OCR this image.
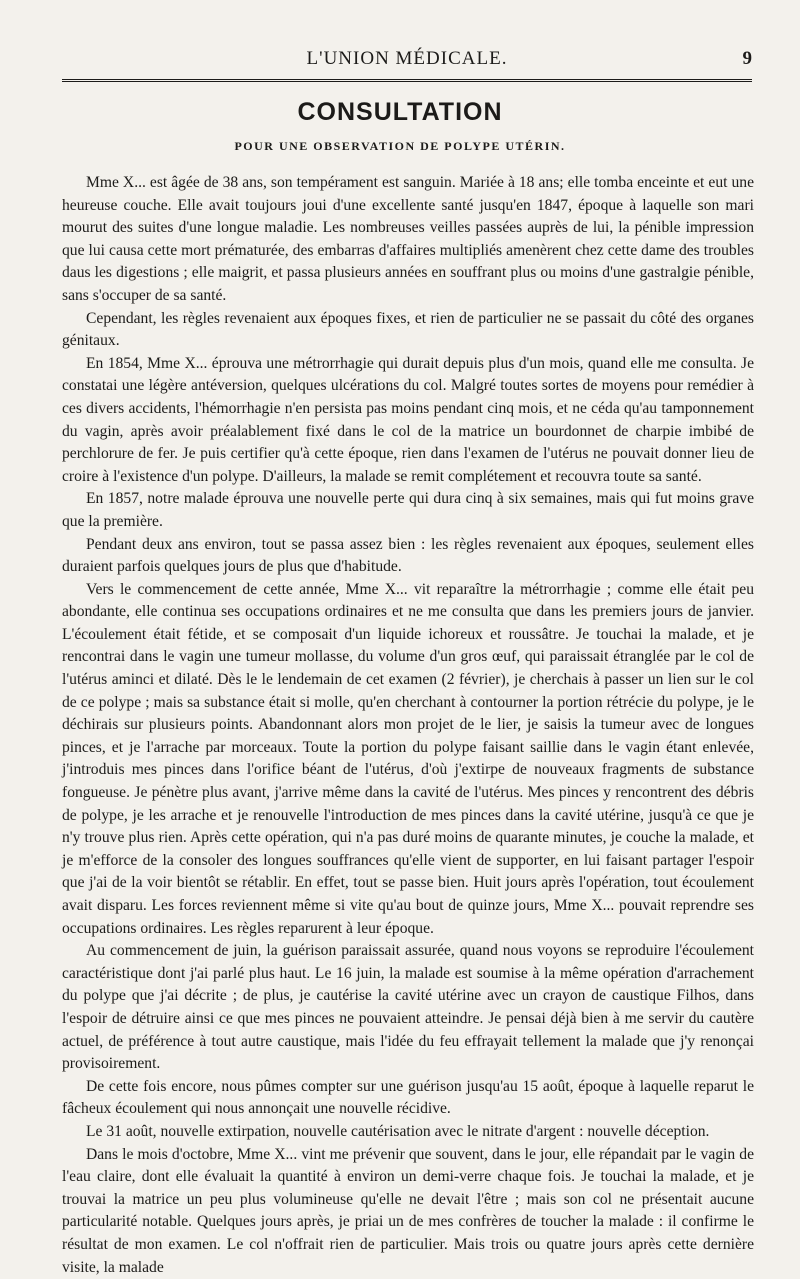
L'UNION MÉDICALE.	9
CONSULTATION
POUR UNE OBSERVATION DE POLYPE UTÉRIN.

Mme X... est âgée de 38 ans, son tempérament est sanguin. Mariée à 18 ans; elle tomba enceinte et eut une heureuse couche. Elle avait toujours joui d'une excellente santé jusqu'en 1847, époque à laquelle son mari mourut des suites d'une longue maladie. Les nombreuses veilles passées auprès de lui, la pénible impression que lui causa cette mort prématurée, des embarras d'affaires multipliés amenèrent chez cette dame des troubles daus les digestions ; elle maigrit, et passa plusieurs années en souffrant plus ou moins d'une gastralgie pénible, sans s'occuper de sa santé.

Cependant, les règles revenaient aux époques fixes, et rien de particulier ne se passait du côté des organes génitaux.

En 1854, Mme X... éprouva une métrorrhagie qui durait depuis plus d'un mois, quand elle me consulta. Je constatai une légère antéversion, quelques ulcérations du col. Malgré toutes sortes de moyens pour remédier à ces divers accidents, l'hémorrhagie n'en persista pas moins pendant cinq mois, et ne céda qu'au tamponnement du vagin, après avoir préalablement fixé dans le col de la matrice un bourdonnet de charpie imbibé de perchlorure de fer. Je puis certifier qu'à cette époque, rien dans l'examen de l'utérus ne pouvait donner lieu de croire à l'existence d'un polype. D'ailleurs, la malade se remit complétement et recouvra toute sa santé.

En 1857, notre malade éprouva une nouvelle perte qui dura cinq à six semaines, mais qui fut moins grave que la première.

Pendant deux ans environ, tout se passa assez bien : les règles revenaient aux époques, seulement elles duraient parfois quelques jours de plus que d'habitude.

Vers le commencement de cette année, Mme X... vit reparaître la métrorrhagie ; comme elle était peu abondante, elle continua ses occupations ordinaires et ne me consulta que dans les premiers jours de janvier. L'écoulement était fétide, et se composait d'un liquide ichoreux et roussâtre. Je touchai la malade, et je rencontrai dans le vagin une tumeur mollasse, du volume d'un gros œuf, qui paraissait étranglée par le col de l'utérus aminci et dilaté. Dès le le lendemain de cet examen (2 février), je cherchais à passer un lien sur le col de ce polype ; mais sa substance était si molle, qu'en cherchant à contourner la portion rétrécie du polype, je le déchirais sur plusieurs points. Abandonnant alors mon projet de le lier, je saisis la tumeur avec de longues pinces, et je l'arrache par morceaux. Toute la portion du polype faisant saillie dans le vagin étant enlevée, j'introduis mes pinces dans l'orifice béant de l'utérus, d'où j'extirpe de nouveaux fragments de substance fongueuse. Je pénètre plus avant, j'arrive même dans la cavité de l'utérus. Mes pinces y rencontrent des débris de polype, je les arrache et je renouvelle l'introduction de mes pinces dans la cavité utérine, jusqu'à ce que je n'y trouve plus rien. Après cette opération, qui n'a pas duré moins de quarante minutes, je couche la malade, et je m'efforce de la consoler des longues souffrances qu'elle vient de supporter, en lui faisant partager l'espoir que j'ai de la voir bientôt se rétablir. En effet, tout se passe bien. Huit jours après l'opération, tout écoulement avait disparu. Les forces reviennent même si vite qu'au bout de quinze jours, Mme X... pouvait reprendre ses occupations ordinaires. Les règles reparurent à leur époque.

Au commencement de juin, la guérison paraissait assurée, quand nous voyons se reproduire l'écoulement caractéristique dont j'ai parlé plus haut. Le 16 juin, la malade est soumise à la même opération d'arrachement du polype que j'ai décrite ; de plus, je cautérise la cavité utérine avec un crayon de caustique Filhos, dans l'espoir de détruire ainsi ce que mes pinces ne pouvaient atteindre. Je pensai déjà bien à me servir du cautère actuel, de préférence à tout autre caustique, mais l'idée du feu effrayait tellement la malade que j'y renonçai provisoirement.

De cette fois encore, nous pûmes compter sur une guérison jusqu'au 15 août, époque à laquelle reparut le fâcheux écoulement qui nous annonçait une nouvelle récidive.

Le 31 août, nouvelle extirpation, nouvelle cautérisation avec le nitrate d'argent : nouvelle déception.

Dans le mois d'octobre, Mme X... vint me prévenir que souvent, dans le jour, elle répandait par le vagin de l'eau claire, dont elle évaluait la quantité à environ un demi-verre chaque fois. Je touchai la malade, et je trouvai la matrice un peu plus volumineuse qu'elle ne devait l'être ; mais son col ne présentait aucune particularité notable. Quelques jours après, je priai un de mes confrères de toucher la malade : il confirme le résultat de mon examen. Le col n'offrait rien de particulier. Mais trois ou quatre jours après cette dernière visite, la malade
